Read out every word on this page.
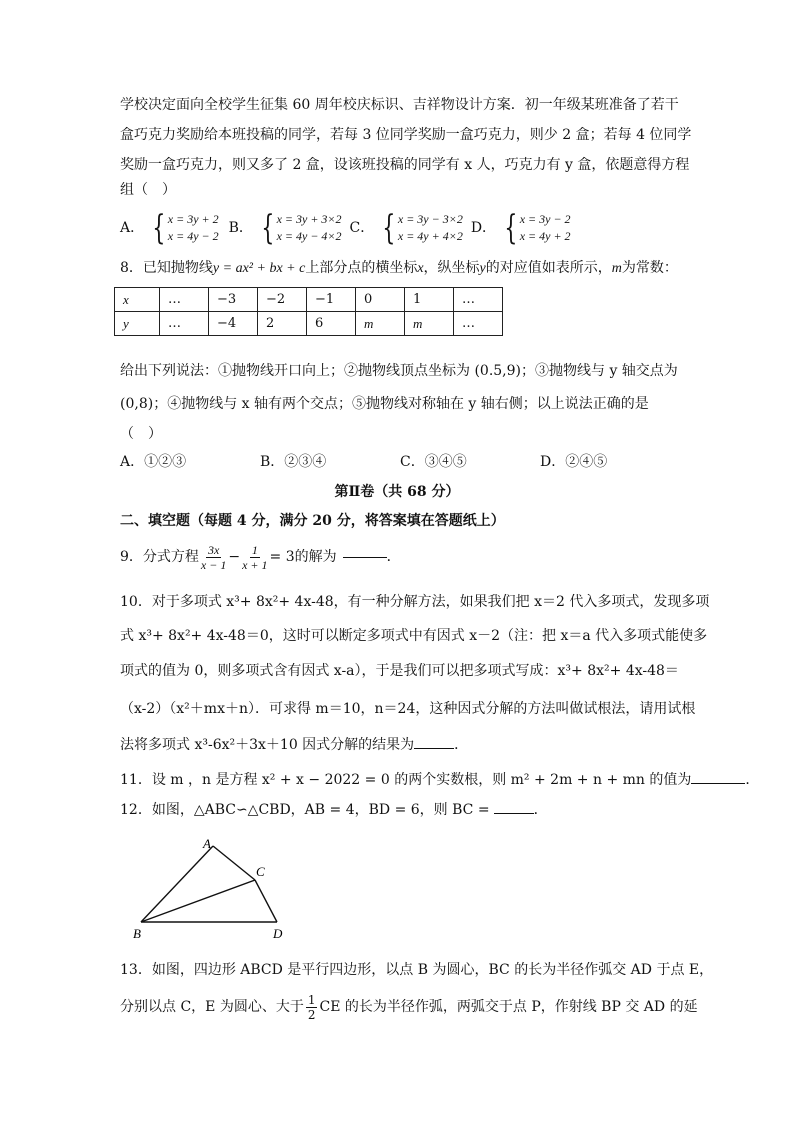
学校决定面向全校学生征集 60 周年校庆标识、吉祥物设计方案．初一年级某班准备了若干
盒巧克力奖励给本班投稿的同学，若每 3 位同学奖励一盒巧克力，则少 2 盒；若每 4 位同学
奖励一盒巧克力，则又多了 2 盒，设该班投稿的同学有 x 人，巧克力有 y 盒，依题意得方程
组（　）
A． { x = 3y + 2
x = 4y − 2 B． { x = 3y + 3×2
x = 4y − 4×2 C． { x = 3y − 3×2
x = 4y + 4×2 D． { x = 3y − 2
x = 4y + 2
8．已知抛物线y = ax² + bx + c上部分点的横坐标x，纵坐标y的对应值如表所示，m为常数：
x	…	−3	−2	−1	0	1	…
y	…	−4	2	6	m	m	…
给出下列说法：①抛物线开口向上；②抛物线顶点坐标为 (0.5,9)；③抛物线与 y 轴交点为
(0,8)；④抛物线与 x 轴有两个交点；⑤抛物线对称轴在 y 轴右侧；以上说法正确的是
（　）
A．①②③	B．②③④	C．③④⑤	D．②④⑤
第Ⅱ卷（共 68 分）
二、填空题（每题 4 分，满分 20 分，将答案填在答题纸上）
9．分式方程 $\frac{3x}{x - 1} - \frac{1}{x + 1} = 3$的解为	．
10．对于多项式 x³+ 8x²+ 4x-48，有一种分解方法，如果我们把 x＝2 代入多项式，发现多项
式 x³+ 8x²+ 4x-48＝0，这时可以断定多项式中有因式 x－2（注：把 x＝a 代入多项式能使多
项式的值为 0，则多项式含有因式 x-a），于是我们可以把多项式写成：x³+ 8x²+ 4x-48＝
（x-2）（x²＋mx＋n）．可求得 m＝10，n＝24，这种因式分解的方法叫做试根法，请用试根
法将多项式 x³-6x²＋3x＋10 因式分解的结果为	．
11．设 m ，n 是方程 x² + x − 2022 = 0 的两个实数根，则 m² + 2m + n + mn 的值为	．
12．如图，△ABC∽△CBD，AB = 4，BD = 6，则 BC =	．
A
C
B	D
13．如图，四边形 ABCD 是平行四边形，以点 B 为圆心，BC 的长为半径作弧交 AD 于点 E，
分别以点 C，E 为圆心、大于 $\frac{1}{2}$ CE 的长为半径作弧，两弧交于点 P，作射线 BP 交 AD 的延
